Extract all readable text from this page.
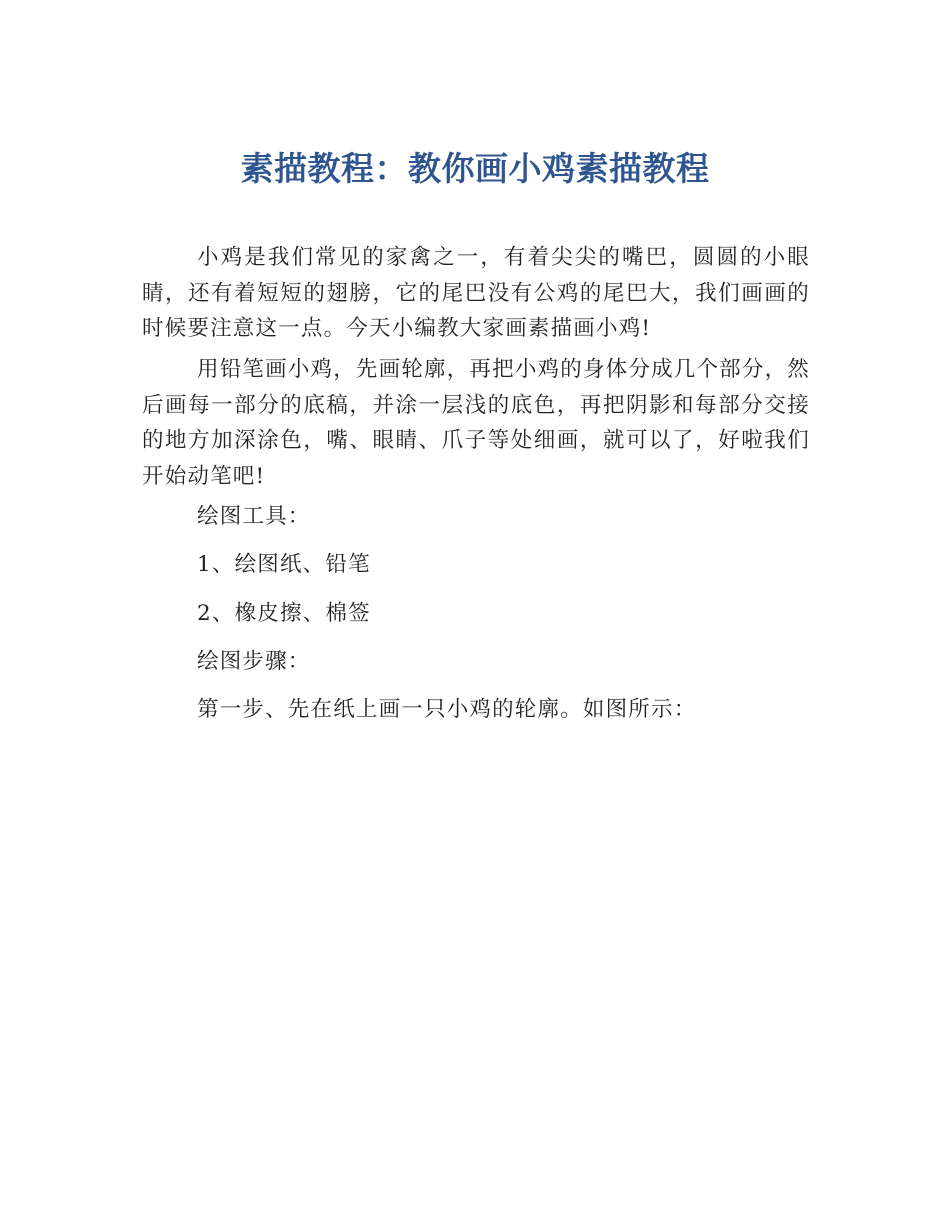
素描教程：教你画小鸡素描教程

小鸡是我们常见的家禽之一，有着尖尖的嘴巴，圆圆的小眼睛，还有着短短的翅膀，它的尾巴没有公鸡的尾巴大，我们画画的时候要注意这一点。今天小编教大家画素描画小鸡!

用铅笔画小鸡，先画轮廓，再把小鸡的身体分成几个部分，然后画每一部分的底稿，并涂一层浅的底色，再把阴影和每部分交接的地方加深涂色，嘴、眼睛、爪子等处细画，就可以了，好啦我们开始动笔吧!

绘图工具：

1、绘图纸、铅笔

2、橡皮擦、棉签

绘图步骤：

第一步、先在纸上画一只小鸡的轮廓。如图所示：
